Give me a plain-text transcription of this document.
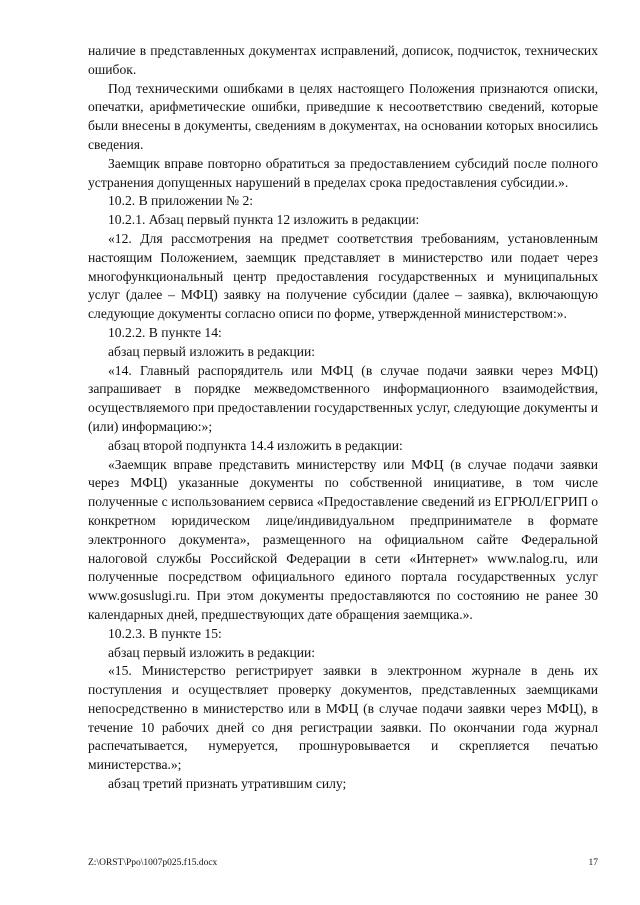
наличие в представленных документах исправлений, дописок, подчисток, технических ошибок.

Под техническими ошибками в целях настоящего Положения признаются описки, опечатки, арифметические ошибки, приведшие к несоответствию сведений, которые были внесены в документы, сведениям в документах, на основании которых вносились сведения.

Заемщик вправе повторно обратиться за предоставлением субсидий после полного устранения допущенных нарушений в пределах срока предоставления субсидии.».

10.2. В приложении № 2:

10.2.1. Абзац первый пункта 12 изложить в редакции:

«12. Для рассмотрения на предмет соответствия требованиям, установленным настоящим Положением, заемщик представляет в министерство или подает через многофункциональный центр предоставления государственных и муниципальных услуг (далее – МФЦ) заявку на получение субсидии (далее – заявка), включающую следующие документы согласно описи по форме, утвержденной министерством:».

10.2.2. В пункте 14:

абзац первый изложить в редакции:

«14. Главный распорядитель или МФЦ (в случае подачи заявки через МФЦ) запрашивает в порядке межведомственного информационного взаимодействия, осуществляемого при предоставлении государственных услуг, следующие документы и (или) информацию:»;

абзац второй подпункта 14.4 изложить в редакции:

«Заемщик вправе представить министерству или МФЦ (в случае подачи заявки через МФЦ) указанные документы по собственной инициативе, в том числе полученные с использованием сервиса «Предоставление сведений из ЕГРЮЛ/ЕГРИП о конкретном юридическом лице/индивидуальном предпринимателе в формате электронного документа», размещенного на официальном сайте Федеральной налоговой службы Российской Федерации в сети «Интернет» www.nalog.ru, или полученные посредством официального единого портала государственных услуг www.gosuslugi.ru. При этом документы предоставляются по состоянию не ранее 30 календарных дней, предшествующих дате обращения заемщика.».

10.2.3. В пункте 15:

абзац первый изложить в редакции:

«15. Министерство регистрирует заявки в электронном журнале в день их поступления и осуществляет проверку документов, представленных заемщиками непосредственно в министерство или в МФЦ (в случае подачи заявки через МФЦ), в течение 10 рабочих дней со дня регистрации заявки. По окончании года журнал распечатывается, нумеруется, прошнуровывается и скрепляется печатью министерства.»;

абзац третий признать утратившим силу;

Z:\ORST\Ppo\1007p025.f15.docx	17
